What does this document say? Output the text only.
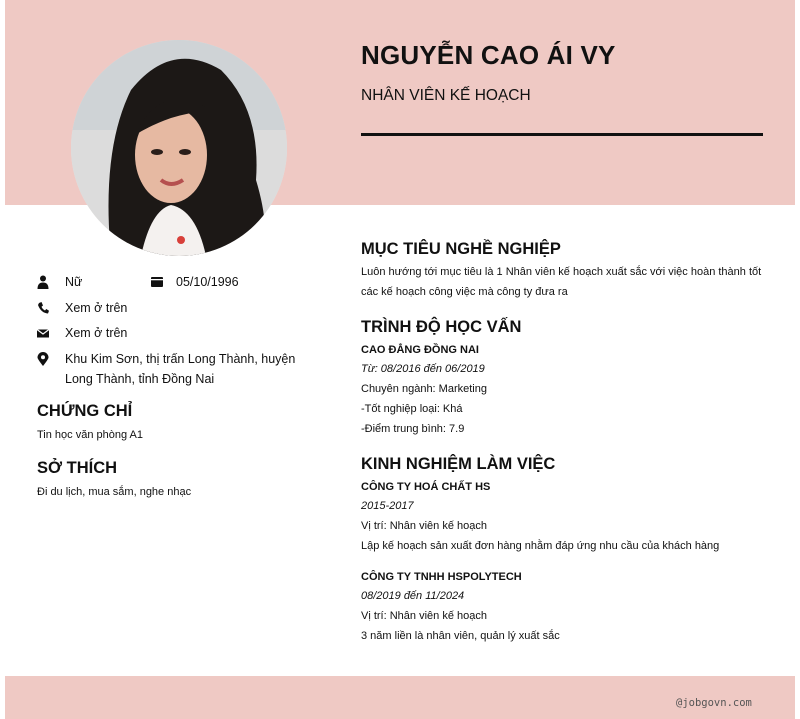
NGUYỄN CAO ÁI VY
NHÂN VIÊN KẾ HOẠCH
Nữ	05/10/1996
Xem ở trên
Xem ở trên
Khu Kim Sơn, thị trấn Long Thành, huyện Long Thành, tỉnh Đồng Nai
CHỨNG CHỈ
Tin học văn phòng A1
SỞ THÍCH
Đi du lịch, mua sắm, nghe nhạc
MỤC TIÊU NGHỀ NGHIỆP
Luôn hướng tới mục tiêu là 1 Nhân viên kế hoạch xuất sắc với việc hoàn thành tốt các kế hoạch công việc mà công ty đưa ra
TRÌNH ĐỘ HỌC VẤN
CAO ĐẲNG ĐỒNG NAI
Từ: 08/2016 đến 06/2019
Chuyên ngành: Marketing
-Tốt nghiệp loại: Khá
-Điểm trung bình: 7.9
KINH NGHIỆM LÀM VIỆC
CÔNG TY HOÁ CHẤT HS
2015-2017
Vị trí: Nhân viên kế hoạch
Lập kế hoạch sản xuất đơn hàng nhằm đáp ứng nhu cầu của khách hàng
CÔNG TY TNHH HSPOLYTECH
08/2019 đến 11/2024
Vị trí: Nhân viên kế hoạch
3 năm liền là nhân viên, quản lý xuất sắc
@jobgovn.com
